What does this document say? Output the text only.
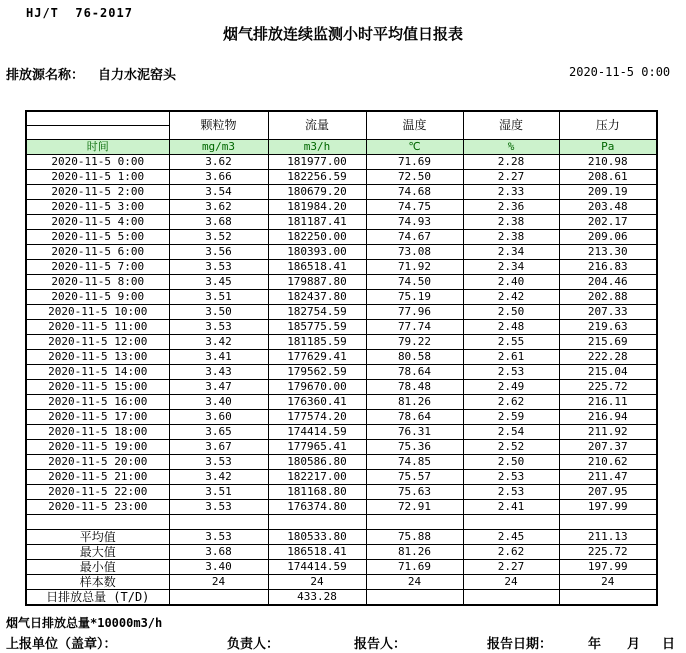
HJ/T  76-2017
烟气排放连续监测小时平均值日报表
排放源名称： 自力水泥窑头	2020-11-5 0:00
	颗粒物	流量	温度	湿度	压力

时间	mg/m3	m3/h	℃	%	Pa
2020-11-5 0:00	3.62	181977.00	71.69	2.28	210.98
2020-11-5 1:00	3.66	182256.59	72.50	2.27	208.61
2020-11-5 2:00	3.54	180679.20	74.68	2.33	209.19
2020-11-5 3:00	3.62	181984.20	74.75	2.36	203.48
2020-11-5 4:00	3.68	181187.41	74.93	2.38	202.17
2020-11-5 5:00	3.52	182250.00	74.67	2.38	209.06
2020-11-5 6:00	3.56	180393.00	73.08	2.34	213.30
2020-11-5 7:00	3.53	186518.41	71.92	2.34	216.83
2020-11-5 8:00	3.45	179887.80	74.50	2.40	204.46
2020-11-5 9:00	3.51	182437.80	75.19	2.42	202.88
2020-11-5 10:00	3.50	182754.59	77.96	2.50	207.33
2020-11-5 11:00	3.53	185775.59	77.74	2.48	219.63
2020-11-5 12:00	3.42	181185.59	79.22	2.55	215.69
2020-11-5 13:00	3.41	177629.41	80.58	2.61	222.28
2020-11-5 14:00	3.43	179562.59	78.64	2.53	215.04
2020-11-5 15:00	3.47	179670.00	78.48	2.49	225.72
2020-11-5 16:00	3.40	176360.41	81.26	2.62	216.11
2020-11-5 17:00	3.60	177574.20	78.64	2.59	216.94
2020-11-5 18:00	3.65	174414.59	76.31	2.54	211.92
2020-11-5 19:00	3.67	177965.41	75.36	2.52	207.37
2020-11-5 20:00	3.53	180586.80	74.85	2.50	210.62
2020-11-5 21:00	3.42	182217.00	75.57	2.53	211.47
2020-11-5 22:00	3.51	181168.80	75.63	2.53	207.95
2020-11-5 23:00	3.53	176374.80	72.91	2.41	197.99

平均值	3.53	180533.80	75.88	2.45	211.13
最大值	3.68	186518.41	81.26	2.62	225.72
最小值	3.40	174414.59	71.69	2.27	197.99
样本数	24	24	24	24	24
日排放总量 (T/D)		433.28			
烟气日排放总量*10000m3/h
上报单位（盖章）：	负责人：	报告人：	报告日期：	年 月 日
